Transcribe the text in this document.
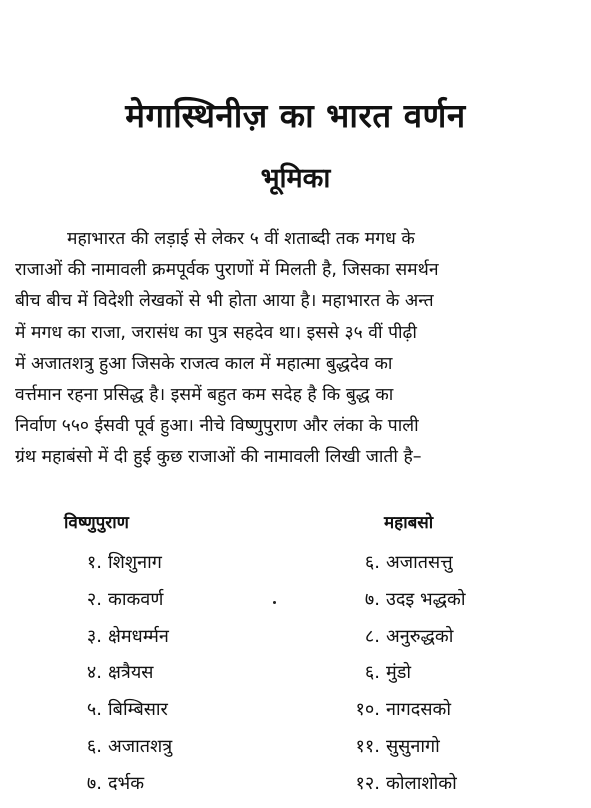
मेगास्थिनीज़ का भारत वर्णन
भूमिका
महाभारत की लड़ाई से लेकर ५ वीं शताब्दी तक मगध के
राजाओं की नामावली क्रमपूर्वक पुराणों में मिलती है, जिसका समर्थन
बीच बीच में विदेशी लेखकों से भी होता आया है। महाभारत के अन्त
में मगध का राजा, जरासंध का पुत्र सहदेव था। इससे ३५ वीं पीढ़ी
में अजातशत्रु हुआ जिसके राजत्व काल में महात्मा बुद्धदेव का
वर्त्तमान रहना प्रसिद्ध है। इसमें बहुत कम सदेह है कि बुद्ध का
निर्वाण ५५० ईसवी पूर्व हुआ। नीचे विष्णुपुराण और लंका के पाली
ग्रंथ महाबंसो में दी हुई कुछ राजाओं की नामावली लिखी जाती है–
विष्णुपुराण	महाबसो
१. शिशुनाग
२. काकवर्ण
३. क्षेमधर्म्मन
४. क्षत्रैयस
५. बिम्बिसार
६. अजातशत्रु
७. दर्भक
६. अजातसत्तु
७. उदइ भद्धको
८. अनुरुद्धको
६. मुंडो
१०. नागदसको
११. सुसुनागो
१२. कोलाशोको
